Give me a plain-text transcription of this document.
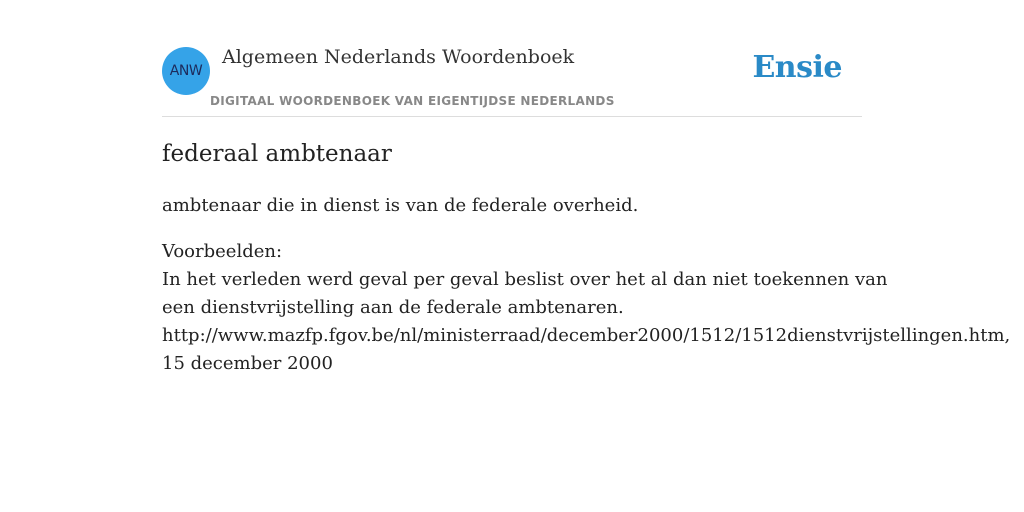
ANW
Algemeen Nederlands Woordenboek
DIGITAAL WOORDENBOEK VAN EIGENTIJDSE NEDERLANDS
Ensie
federaal ambtenaar
ambtenaar die in dienst is van de federale overheid.
Voorbeelden:
In het verleden werd geval per geval beslist over het al dan niet toekennen van
een dienstvrijstelling aan de federale ambtenaren.
http://www.mazfp.fgov.be/nl/ministerraad/december2000/1512/1512dienstvrijstellingen.htm,
15 december 2000
